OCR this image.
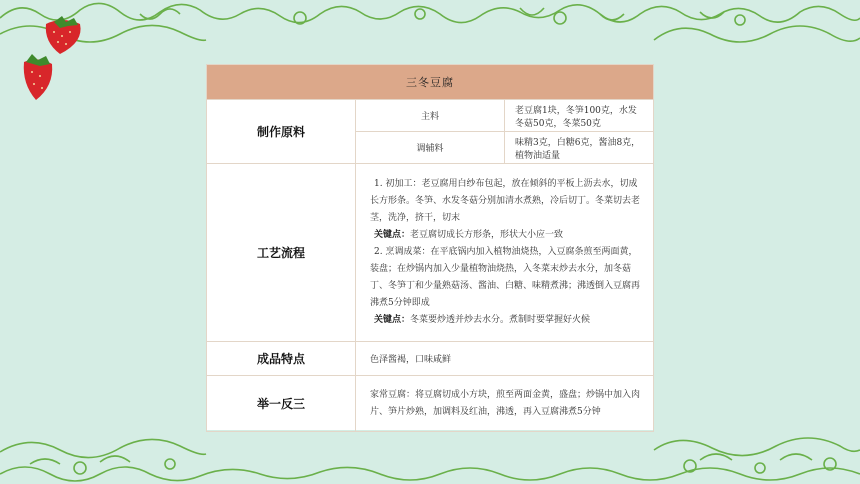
三冬豆腐		
制作原料	主料	老豆腐1块，冬笋100克，水发冬菇50克，冬菜50克
	调辅料	味精3克，白糖6克，酱油8克，植物油适量
工艺流程	1. 初加工：老豆腐用白纱布包起，放在倾斜的平板上沥去水，切成长方形条。冬笋、水发冬菇分别加清水煮熟，冷后切丁。冬菜切去老茎，洗净，挤干，切末

关键点：老豆腐切成长方形条，形状大小应一致

2. 烹调成菜：在平底锅内加入植物油烧热，入豆腐条煎至两面黄，装盘；在炒锅内加入少量植物油烧热，入冬菜末炒去水分，加冬菇丁、冬笋丁和少量熟菇汤、酱油、白糖、味精煮沸；沸透倒入豆腐再沸煮5分钟即成

关键点：冬菜要炒透并炒去水分。煮制时要掌握好火候	

成品特点	色泽酱褐，口味咸鲜	
举一反三	家常豆腐：将豆腐切成小方块，煎至两面金黄，盛盘；炒锅中加入肉片、笋片炒熟，加调料及红油，沸透，再入豆腐沸煮5分钟	
